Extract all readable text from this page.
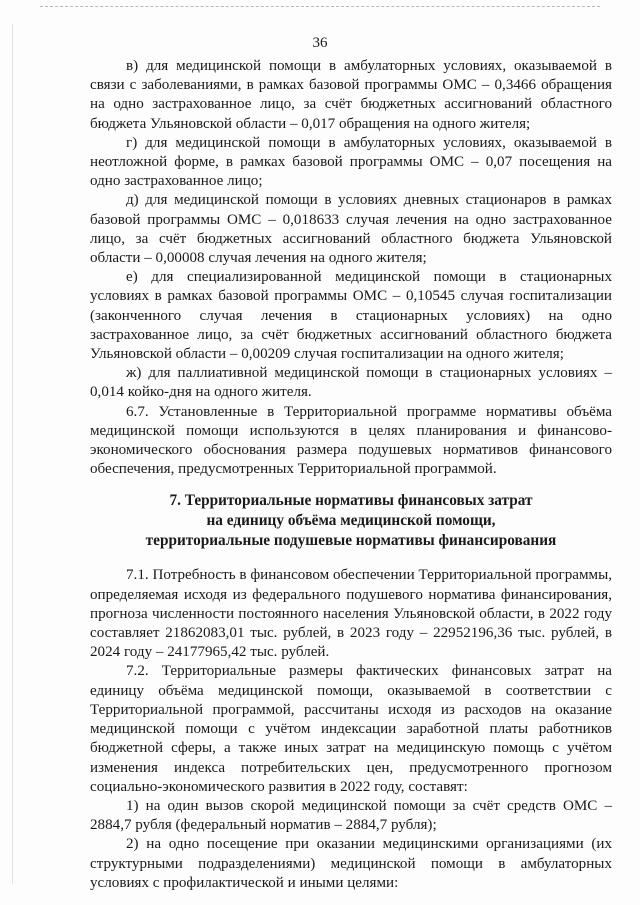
36

в) для медицинской помощи в амбулаторных условиях, оказываемой в связи с заболеваниями, в рамках базовой программы ОМС – 0,3466 обращения на одно застрахованное лицо, за счёт бюджетных ассигнований областного бюджета Ульяновской области – 0,017 обращения на одного жителя;

г) для медицинской помощи в амбулаторных условиях, оказываемой в неотложной форме, в рамках базовой программы ОМС – 0,07 посещения на одно застрахованное лицо;

д) для медицинской помощи в условиях дневных стационаров в рамках базовой программы ОМС – 0,018633 случая лечения на одно застрахованное лицо, за счёт бюджетных ассигнований областного бюджета Ульяновской области – 0,00008 случая лечения на одного жителя;

е) для специализированной медицинской помощи в стационарных условиях в рамках базовой программы ОМС – 0,10545 случая госпитализации (законченного случая лечения в стационарных условиях) на одно застрахованное лицо, за счёт бюджетных ассигнований областного бюджета Ульяновской области – 0,00209 случая госпитализации на одного жителя;

ж) для паллиативной медицинской помощи в стационарных условиях – 0,014 койко-дня на одного жителя.

6.7. Установленные в Территориальной программе нормативы объёма медицинской помощи используются в целях планирования и финансово-экономического обоснования размера подушевых нормативов финансового обеспечения, предусмотренных Территориальной программой.

7. Территориальные нормативы финансовых затрат
на единицу объёма медицинской помощи,
территориальные подушевые нормативы финансирования

7.1. Потребность в финансовом обеспечении Территориальной программы, определяемая исходя из федерального подушевого норматива финансирования, прогноза численности постоянного населения Ульяновской области, в 2022 году составляет 21862083,01 тыс. рублей, в 2023 году – 22952196,36 тыс. рублей, в 2024 году – 24177965,42 тыс. рублей.

7.2. Территориальные размеры фактических финансовых затрат на единицу объёма медицинской помощи, оказываемой в соответствии с Территориальной программой, рассчитаны исходя из расходов на оказание медицинской помощи с учётом индексации заработной платы работников бюджетной сферы, а также иных затрат на медицинскую помощь с учётом изменения индекса потребительских цен, предусмотренного прогнозом социально-экономического развития в 2022 году, составят:

1) на один вызов скорой медицинской помощи за счёт средств ОМС – 2884,7 рубля (федеральный норматив – 2884,7 рубля);

2) на одно посещение при оказании медицинскими организациями (их структурными подразделениями) медицинской помощи в амбулаторных условиях с профилактической и иными целями:
